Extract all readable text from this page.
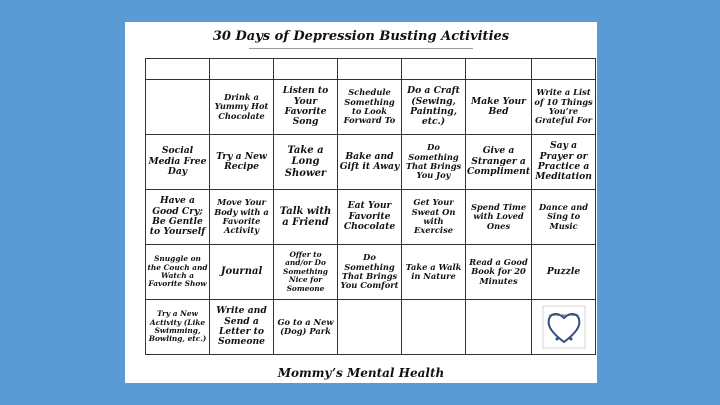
30 Days of Depression Busting Activities

	Drink a Yummy Hot Chocolate	Listen to Your Favorite Song	Schedule Something to Look Forward To	Do a Craft (Sewing, Painting, etc.)	Make Your Bed	Write a List of 10 Things You’re Grateful For
Social Media Free Day	Try a New Recipe	Take a Long Shower	Bake and Gift it Away	Do Something That Brings You Joy	Give a Stranger a Compliment	Say a Prayer or Practice a Meditation
Have a Good Cry; Be Gentle to Yourself	Move Your Body with a Favorite Activity	Talk with a Friend	Eat Your Favorite Chocolate	Get Your Sweat On with Exercise	Spend Time with Loved Ones	Dance and Sing to Music
Snuggle on the Couch and Watch a Favorite Show	Journal	Offer to and/or Do Something Nice for Someone	Do Something That Brings You Comfort	Take a Walk in Nature	Read a Good Book for 20 Minutes	Puzzle
Try a New Activity (Like Swimming, Bowling, etc.)	Write and Send a Letter to Someone	Go to a New (Dog) Park				Mommy's Mental Health
Mommy’s Mental Health
